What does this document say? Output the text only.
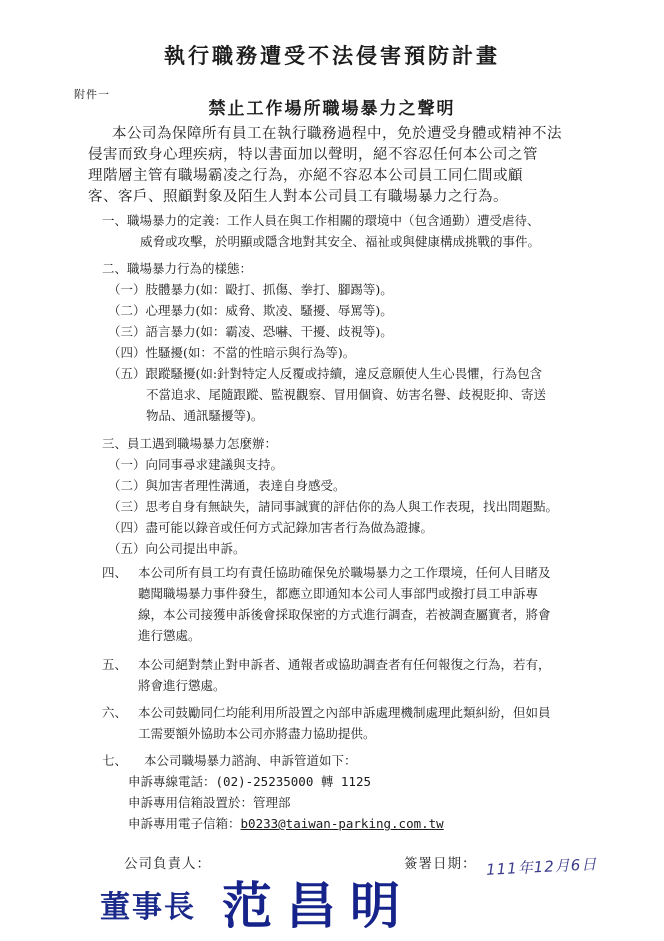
執行職務遭受不法侵害預防計畫
附件一
禁止工作場所職場暴力之聲明
本公司為保障所有員工在執行職務過程中，免於遭受身體或精神不法
侵害而致身心理疾病，特以書面加以聲明，絕不容忍任何本公司之管
理階層主管有職場霸凌之行為，亦絕不容忍本公司員工同仁間或顧
客、客戶、照顧對象及陌生人對本公司員工有職場暴力之行為。
一、職場暴力的定義：工作人員在與工作相關的環境中（包含通勤）遭受虐待、
威脅或攻擊，於明顯或隱含地對其安全、福祉或與健康構成挑戰的事件。
二、職場暴力行為的樣態：
（一）肢體暴力(如：毆打、抓傷、拳打、腳踢等)。
（二）心理暴力(如：威脅、欺凌、騷擾、辱罵等)。
（三）語言暴力(如：霸凌、恐嚇、干擾、歧視等)。
（四）性騷擾(如：不當的性暗示與行為等)。
（五）跟蹤騷擾(如:針對特定人反覆或持續，違反意願使人生心畏懼，行為包含
不當追求、尾隨跟蹤、監視觀察、冒用個資、妨害名譽、歧視貶抑、寄送
物品、通訊騷擾等)。
三、員工遇到職場暴力怎麼辦：
（一）向同事尋求建議與支持。
（二）與加害者理性溝通，表達自身感受。
（三）思考自身有無缺失，請同事誠實的評估你的為人與工作表現，找出問題點。
（四）盡可能以錄音或任何方式記錄加害者行為做為證據。
（五）向公司提出申訴。
四、 本公司所有員工均有責任協助確保免於職場暴力之工作環境，任何人目睹及
聽聞職場暴力事件發生，都應立即通知本公司人事部門或撥打員工申訴專
線，本公司接獲申訴後會採取保密的方式進行調查，若被調查屬實者，將會
進行懲處。
五、 本公司絕對禁止對申訴者、通報者或協助調查者有任何報復之行為，若有，
將會進行懲處。
六、 本公司鼓勵同仁均能利用所設置之內部申訴處理機制處理此類糾紛，但如員
工需要額外協助本公司亦將盡力協助提供。
七、 本公司職場暴力諮詢、申訴管道如下：
申訴專線電話：(02)-25235000 轉 1125
申訴專用信箱設置於：管理部
申訴專用電子信箱：b0233@taiwan-parking.com.tw
公司負責人：	簽署日期： 111年12月6日
董事長 范昌明
